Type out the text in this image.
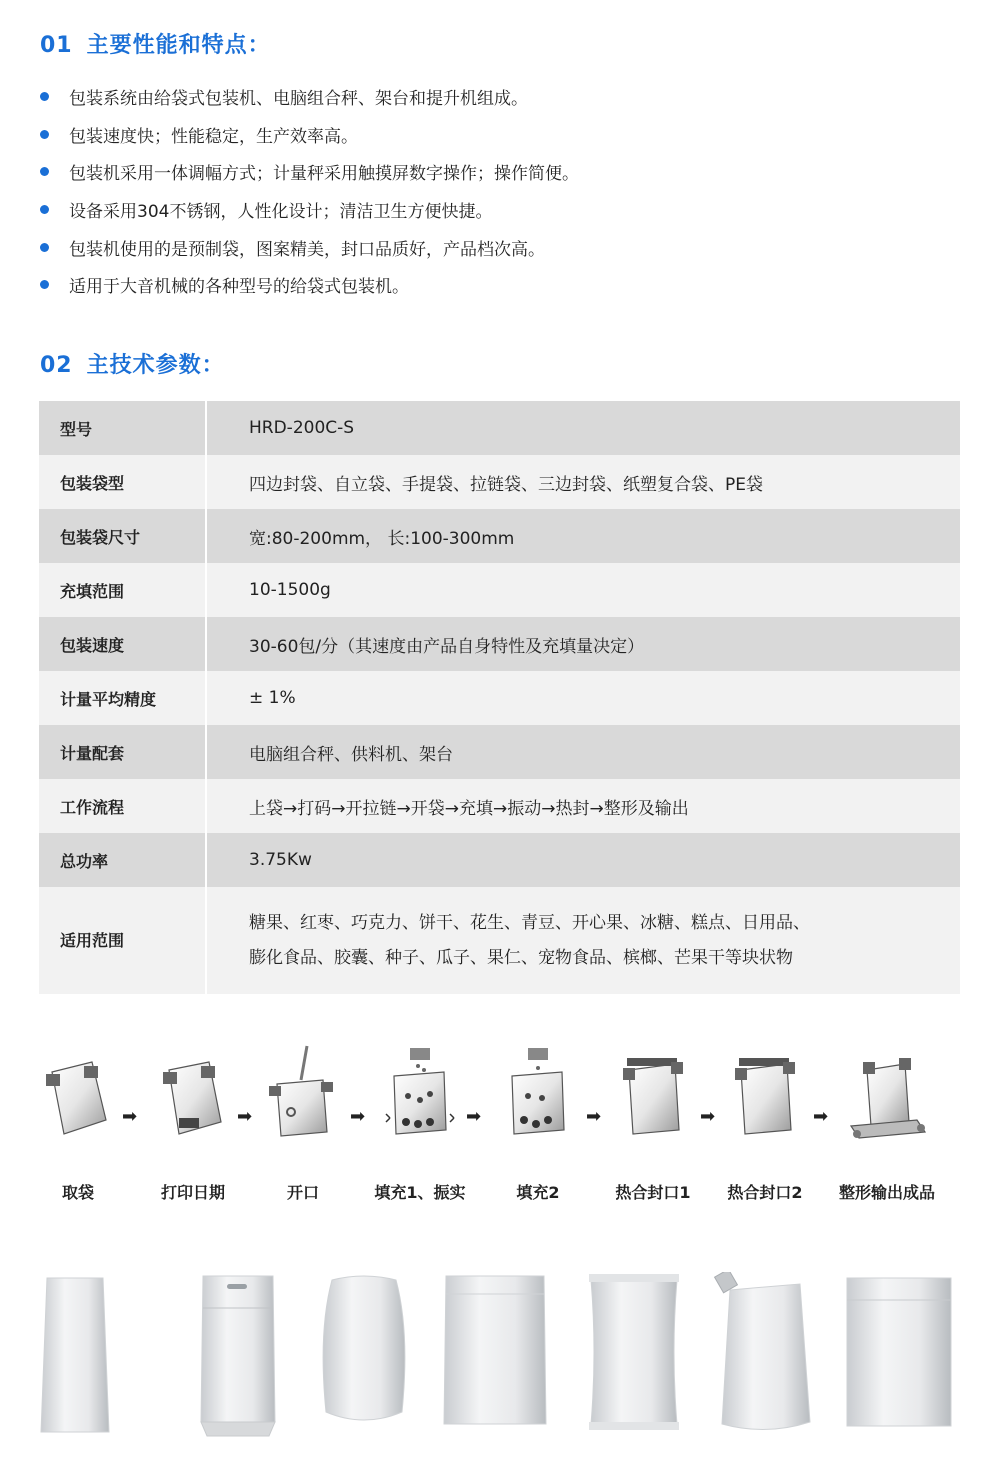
01 主要性能和特点：
包装系统由给袋式包装机、电脑组合秤、架台和提升机组成。
包装速度快；性能稳定，生产效率高。
包装机采用一体调幅方式；计量秤采用触摸屏数字操作；操作简便。
设备采用304不锈钢，人性化设计；清洁卫生方便快捷。
包装机使用的是预制袋，图案精美，封口品质好，产品档次高。
适用于大音机械的各种型号的给袋式包装机。
02 主技术参数：
型号	HRD-200C-S
包装袋型	四边封袋、自立袋、手提袋、拉链袋、三边封袋、纸塑复合袋、PE袋
包装袋尺寸	宽:80-200mm， 长:100-300mm
充填范围	10-1500g
包装速度	30-60包/分（其速度由产品自身特性及充填量决定）
计量平均精度	± 1%
计量配套	电脑组合秤、供料机、架台
工作流程	上袋→打码→开拉链→开袋→充填→振动→热封→整形及输出
总功率	3.75Kw
适用范围	糖果、红枣、巧克力、饼干、花生、青豆、开心果、冰糖、糕点、日用品、
膨化食品、胶囊、种子、瓜子、果仁、宠物食品、槟榔、芒果干等块状物
取袋
➡
打印日期
➡
开口
➡
填充1、振实
➡
填充2
➡
热合封口1
➡
热合封口2
➡
整形输出成品
